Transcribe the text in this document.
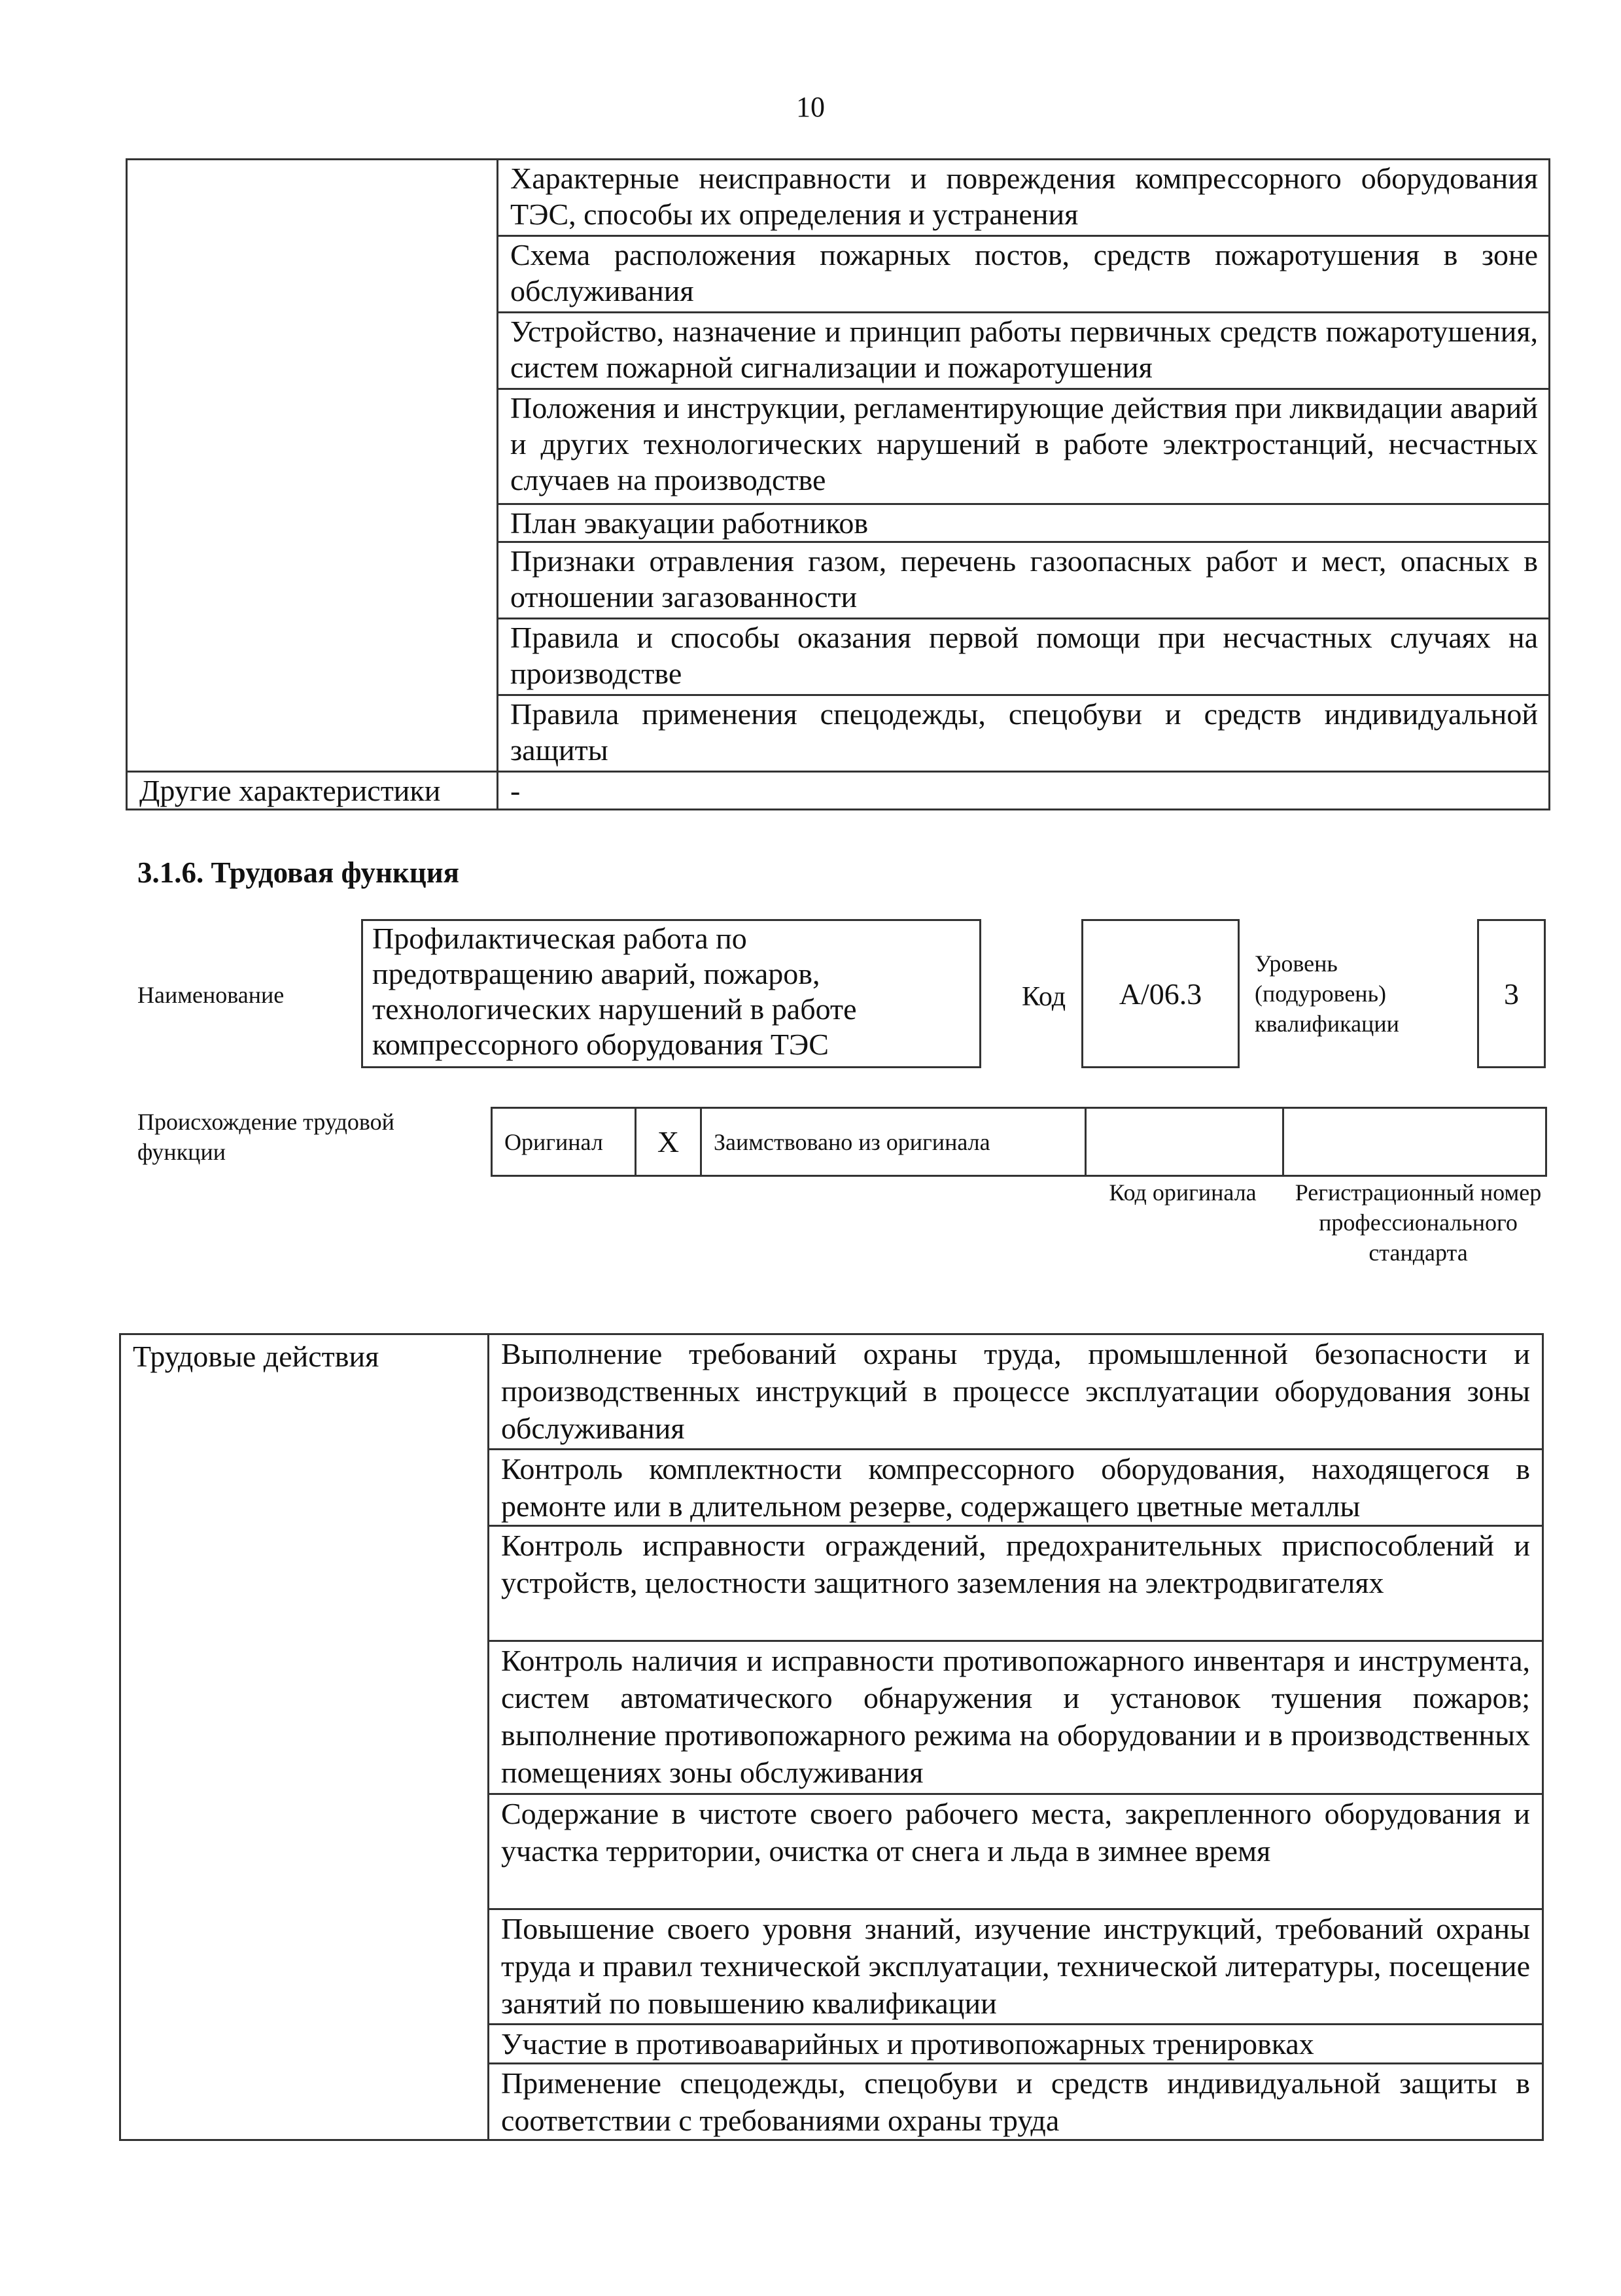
10
	Характерные неисправности и повреждения компрессорного оборудования ТЭС, способы их определения и устранения
	Схема расположения пожарных постов, средств пожаротушения в зоне обслуживания
	Устройство, назначение и принцип работы первичных средств пожаротушения, систем пожарной сигнализации и пожаротушения
	Положения и инструкции, регламентирующие действия при ликвидации аварий и других технологических нарушений в работе электростанций, несчастных случаев на производстве
	План эвакуации работников
	Признаки отравления газом, перечень газоопасных работ и мест, опасных в отношении загазованности
	Правила и способы оказания первой помощи при несчастных случаях на производстве
	Правила применения спецодежды, спецобуви и средств индивидуальной защиты
Другие характеристики	-
3.1.6. Трудовая функция
Наименование
Профилактическая работа по предотвращению аварий, пожаров, технологических нарушений в работе компрессорного оборудования ТЭС
Код	А/06.3
Уровень (подуровень) квалификации
3
Происхождение трудовой функции	Оригинал	X	Заимствовано из оригинала		
Код оригинала	Регистрационный номер профессионального стандарта
Трудовые действия	Выполнение требований охраны труда, промышленной безопасности и производственных инструкций в процессе эксплуатации оборудования зоны обслуживания
Контроль комплектности компрессорного оборудования, находящегося в ремонте или в длительном резерве, содержащего цветные металлы
Контроль исправности ограждений, предохранительных приспособлений и устройств, целостности защитного заземления на электродвигателях
Контроль наличия и исправности противопожарного инвентаря и инструмента, систем автоматического обнаружения и установок тушения пожаров; выполнение противопожарного режима на оборудовании и в производственных помещениях зоны обслуживания
Содержание в чистоте своего рабочего места, закрепленного оборудования и участка территории, очистка от снега и льда в зимнее время
Повышение своего уровня знаний, изучение инструкций, требований охраны труда и правил технической эксплуатации, технической литературы, посещение занятий по повышению квалификации
Участие в противоаварийных и противопожарных тренировках
Применение спецодежды, спецобуви и средств индивидуальной защиты в соответствии с требованиями охраны труда
